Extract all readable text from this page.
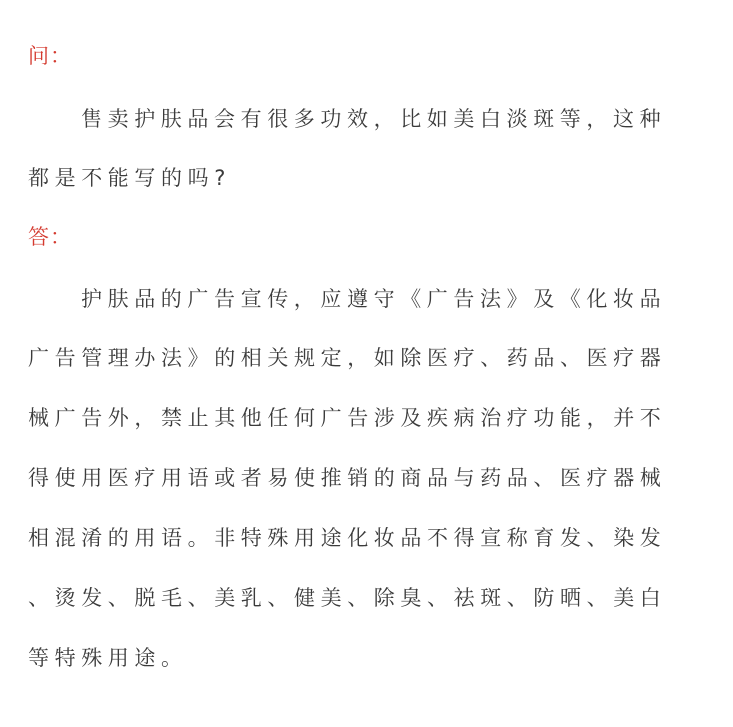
问：
售卖护肤品会有很多功效，比如美白淡斑等，这种
都是不能写的吗?
答：
护肤品的广告宣传，应遵守《广告法》及《化妆品
广告管理办法》的相关规定，如除医疗、药品、医疗器
械广告外，禁止其他任何广告涉及疾病治疗功能，并不
得使用医疗用语或者易使推销的商品与药品、医疗器械
相混淆的用语。非特殊用途化妆品不得宣称育发、染发
、烫发、脱毛、美乳、健美、除臭、祛斑、防晒、美白
等特殊用途。
